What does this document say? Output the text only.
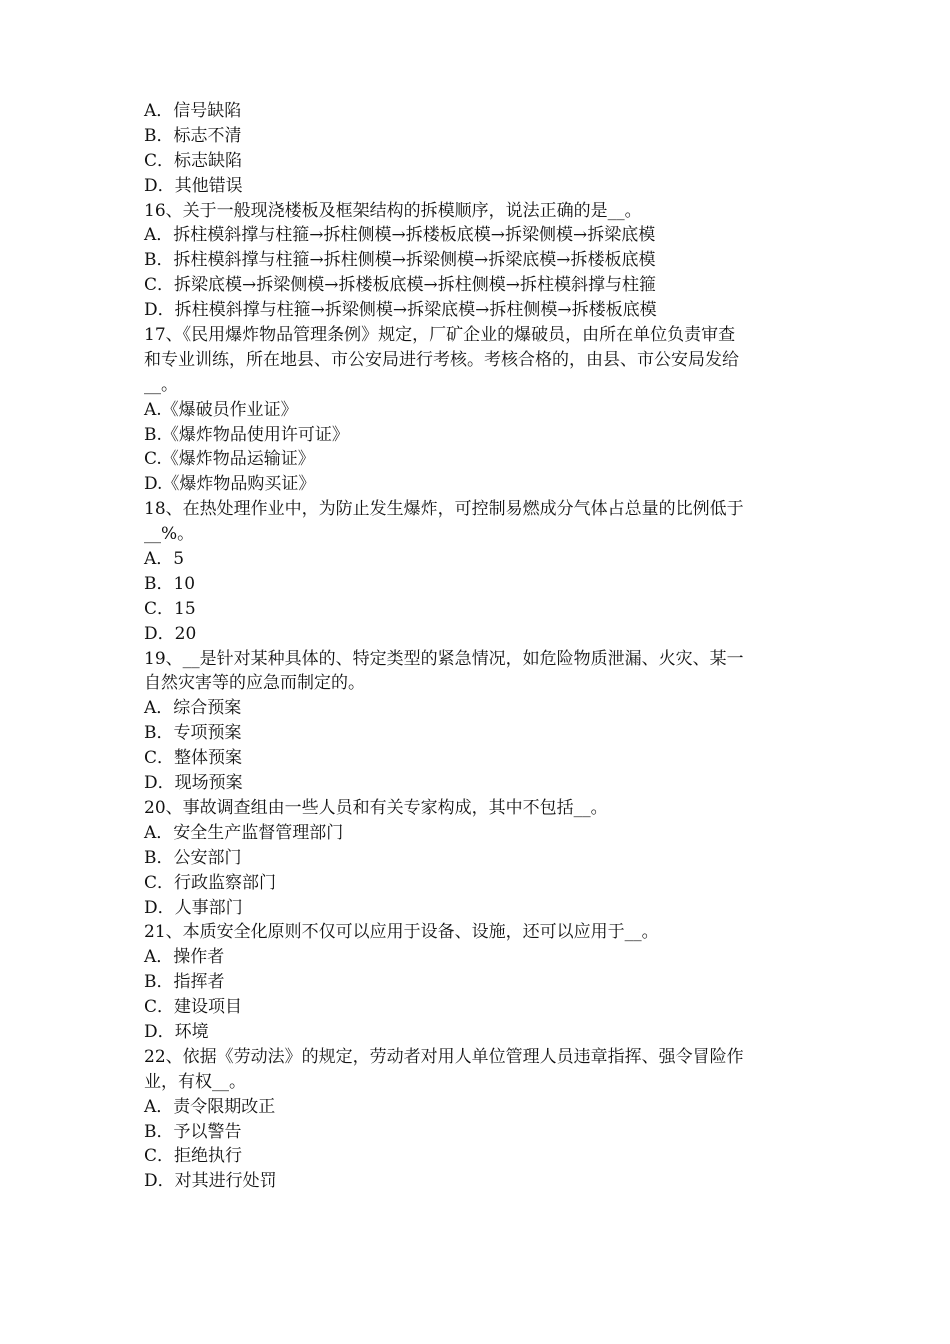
A．信号缺陷
B．标志不清
C．标志缺陷
D．其他错误
16、关于一般现浇楼板及框架结构的拆模顺序，说法正确的是__。
A．拆柱模斜撑与柱箍→拆柱侧模→拆楼板底模→拆梁侧模→拆梁底模
B．拆柱模斜撑与柱箍→拆柱侧模→拆梁侧模→拆梁底模→拆楼板底模
C．拆梁底模→拆梁侧模→拆楼板底模→拆柱侧模→拆柱模斜撑与柱箍
D．拆柱模斜撑与柱箍→拆梁侧模→拆梁底模→拆柱侧模→拆楼板底模
17、《民用爆炸物品管理条例》规定，厂矿企业的爆破员，由所在单位负责审查
和专业训练，所在地县、市公安局进行考核。考核合格的，由县、市公安局发给
__。
A.《爆破员作业证》
B.《爆炸物品使用许可证》
C.《爆炸物品运输证》
D.《爆炸物品购买证》
18、在热处理作业中，为防止发生爆炸，可控制易燃成分气体占总量的比例低于
__%。
A．5
B．10
C．15
D．20
19、__是针对某种具体的、特定类型的紧急情况，如危险物质泄漏、火灾、某一
自然灾害等的应急而制定的。
A．综合预案
B．专项预案
C．整体预案
D．现场预案
20、事故调查组由一些人员和有关专家构成，其中不包括__。
A．安全生产监督管理部门
B．公安部门
C．行政监察部门
D．人事部门
21、本质安全化原则不仅可以应用于设备、设施，还可以应用于__。
A．操作者
B．指挥者
C．建设项目
D．环境
22、依据《劳动法》的规定，劳动者对用人单位管理人员违章指挥、强令冒险作
业，有权__。
A．责令限期改正
B．予以警告
C．拒绝执行
D．对其进行处罚
